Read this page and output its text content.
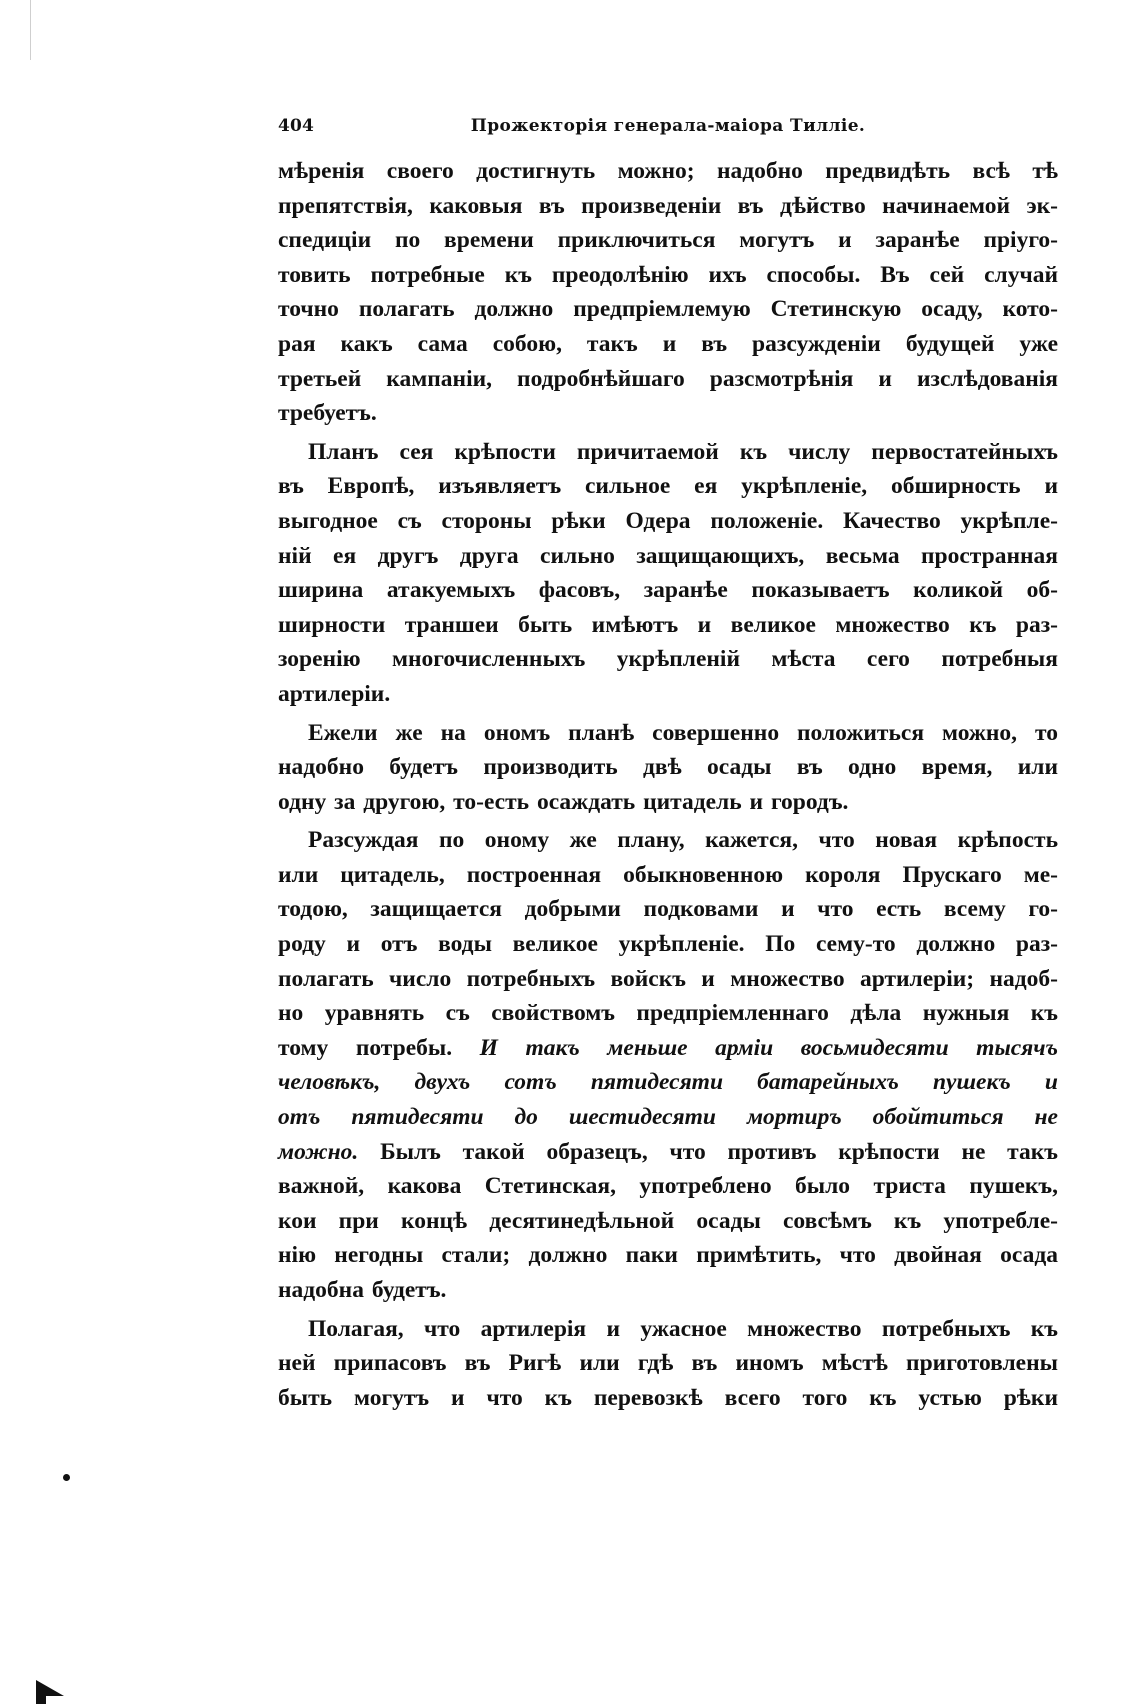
404	Прожекторія генерала-маіора Тилліе.

мѣренія своего достигнуть можно; надобно предвидѣть всѣ тѣ
препятствія, каковыя въ произведеніи въ дѣйство начинаемой эк-
спедиціи по времени приключиться могутъ и заранѣе пріуго-
товить потребные къ преодолѣнію ихъ способы. Въ сей случай
точно полагать должно предпріемлемую Стетинскую осаду, кото-
рая какъ сама собою, такъ и въ разсужденіи будущей уже
третьей кампаніи, подробнѣйшаго разсмотрѣнія и изслѣдованія
требуетъ.

Планъ сея крѣпости причитаемой къ числу первостатейныхъ
въ Европѣ, изъявляетъ сильное ея укрѣпленіе, обширность и
выгодное съ стороны рѣки Одера положеніе. Качество укрѣпле-
ній ея другъ друга сильно защищающихъ, весьма пространная
ширина атакуемыхъ фасовъ, заранѣе показываетъ коликой об-
ширности траншеи быть имѣютъ и великое множество къ раз-
зоренію многочисленныхъ укрѣпленій мѣста сего потребныя
артилеріи.

Ежели же на ономъ планѣ совершенно положиться можно, то
надобно будетъ производить двѣ осады въ одно время, или
одну за другою, то-есть осаждать цитадель и городъ.

Разсуждая по оному же плану, кажется, что новая крѣпость
или цитадель, построенная обыкновенною короля Прускаго ме-
тодою, защищается добрыми подковами и что есть всему го-
роду и отъ воды великое укрѣпленіе. По сему-то должно раз-
полагать число потребныхъ войскъ и множество артилеріи; надоб-
но уравнять съ свойствомъ предпріемленнаго дѣла нужныя къ
тому потребы. И такъ меньше арміи восьмидесяти тысячъ
человѣкъ, двухъ сотъ пятидесяти батарейныхъ пушекъ и
отъ пятидесяти до шестидесяти мортиръ обойтиться не
можно. Былъ такой образецъ, что противъ крѣпости не такъ
важной, какова Стетинская, употреблено было триста пушекъ,
кои при концѣ десятинедѣльной осады совсѣмъ къ употребле-
нію негодны стали; должно паки примѣтить, что двойная осада
надобна будетъ.

Полагая, что артилерія и ужасное множество потребныхъ къ
ней припасовъ въ Ригѣ или гдѣ въ иномъ мѣстѣ приготовлены
быть могутъ и что къ перевозкѣ всего того къ устью рѣки
